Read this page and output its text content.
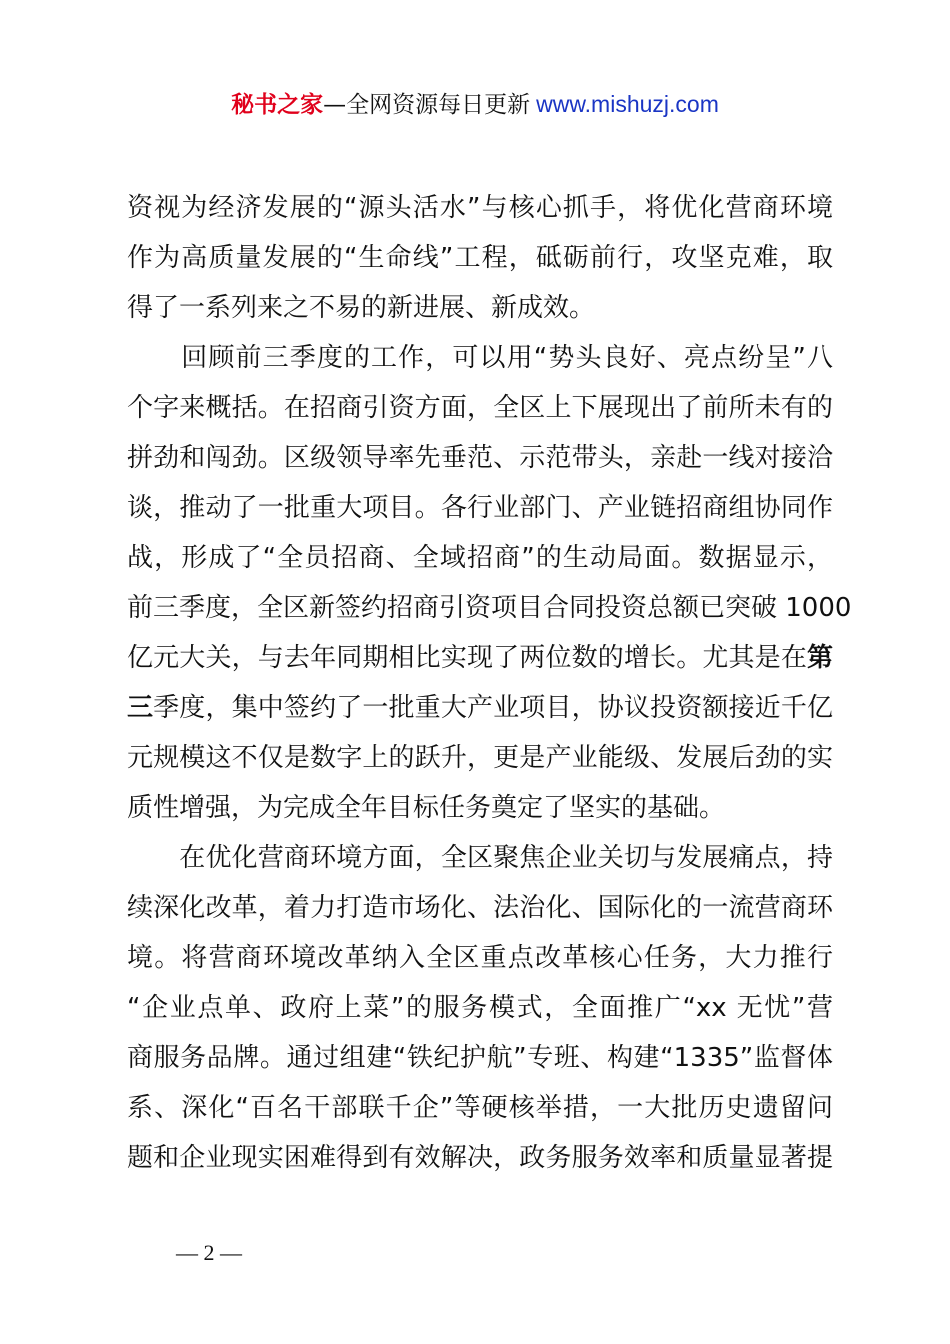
秘书之家—全网资源每日更新 www.mishuzj.com
资视为经济发展的“源头活水”与核心抓手，将优化营商环境
作为高质量发展的“生命线”工程，砥砺前行，攻坚克难，取
得了一系列来之不易的新进展、新成效。
　　回顾前三季度的工作，可以用“势头良好、亮点纷呈”八
个字来概括。在招商引资方面，全区上下展现出了前所未有的
拼劲和闯劲。区级领导率先垂范、示范带头，亲赴一线对接洽
谈，推动了一批重大项目。各行业部门、产业链招商组协同作
战，形成了“全员招商、全域招商”的生动局面。数据显示，
前三季度，全区新签约招商引资项目合同投资总额已突破 1000
亿元大关，与去年同期相比实现了两位数的增长。尤其是在第
三季度，集中签约了一批重大产业项目，协议投资额接近千亿
元规模这不仅是数字上的跃升，更是产业能级、发展后劲的实
质性增强，为完成全年目标任务奠定了坚实的基础。
　　在优化营商环境方面，全区聚焦企业关切与发展痛点，持
续深化改革，着力打造市场化、法治化、国际化的一流营商环
境。将营商环境改革纳入全区重点改革核心任务，大力推行
“企业点单、政府上菜”的服务模式，全面推广“xx 无忧”营
商服务品牌。通过组建“铁纪护航”专班、构建“1335”监督体
系、深化“百名干部联千企”等硬核举措，一大批历史遗留问
题和企业现实困难得到有效解决，政务服务效率和质量显著提
— 2 —
